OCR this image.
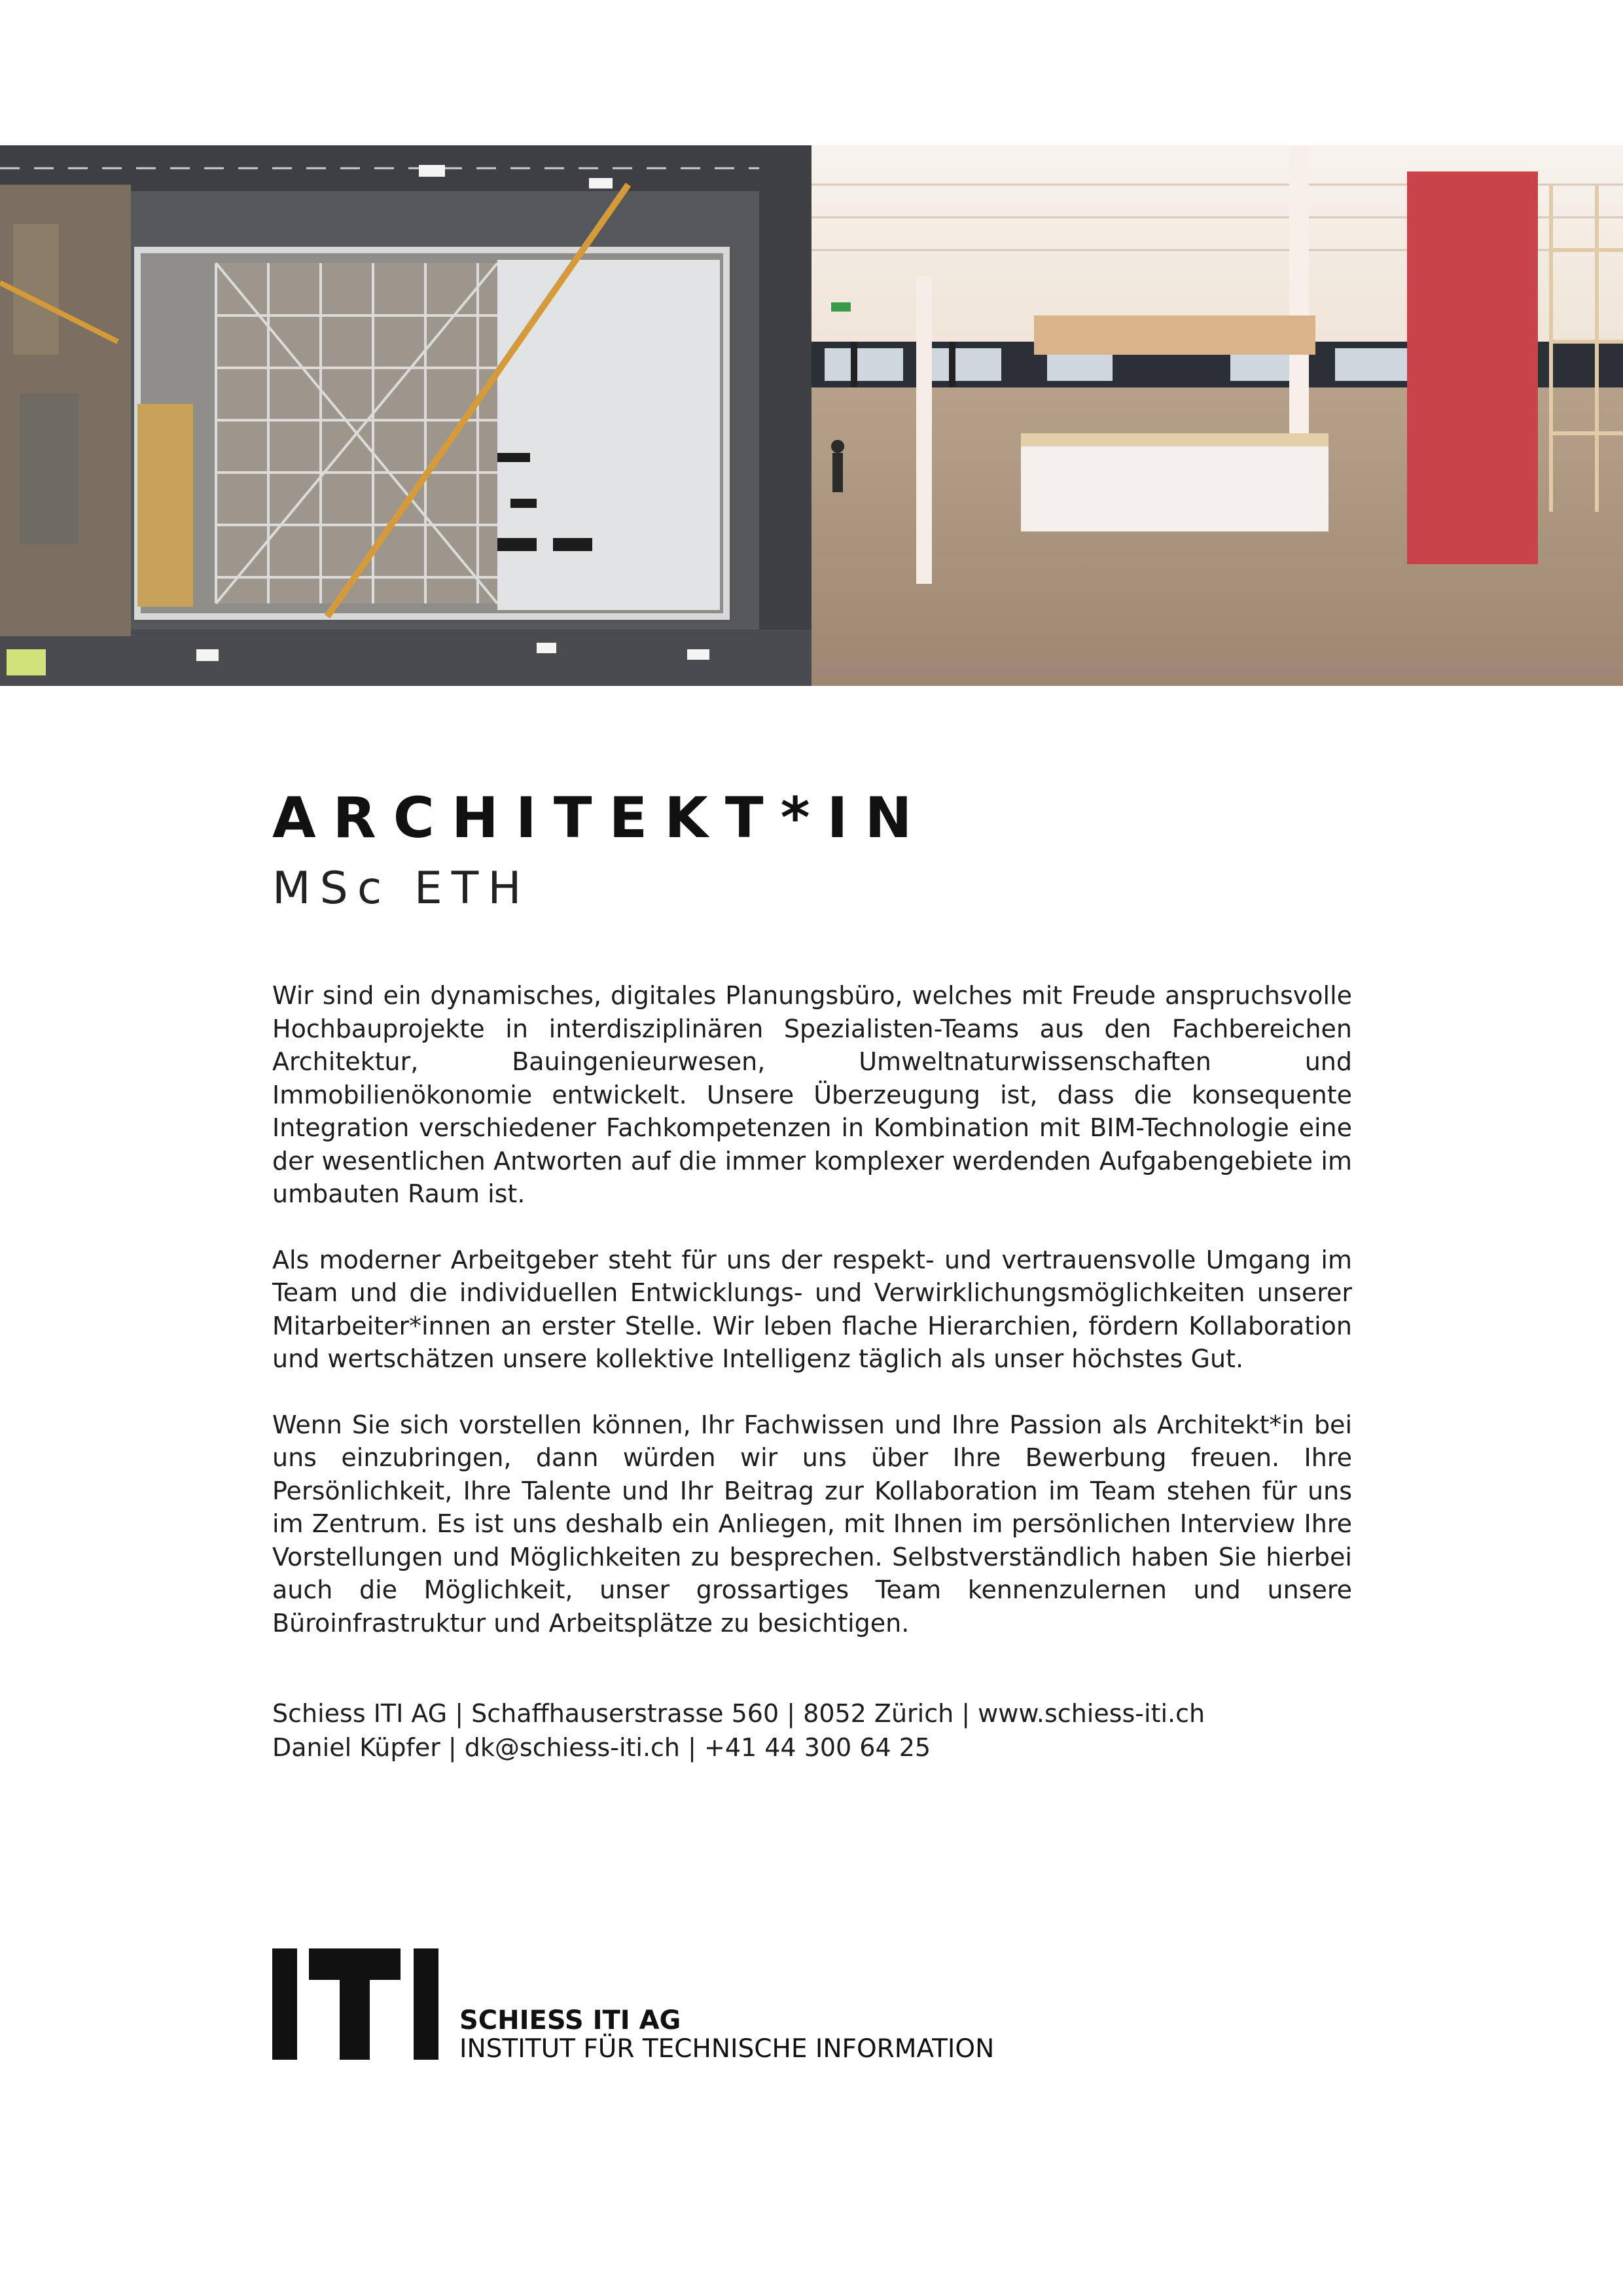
ARCHITEKT*IN
MSc ETH

Wir sind ein dynamisches, digitales Planungsbüro, welches mit Freude anspruchsvolle Hochbauprojekte in interdisziplinären Spezialisten-Teams aus den Fachbereichen Architektur, Bauingenieurwesen, Umweltnaturwissenschaften und Immobilienökonomie entwickelt. Unsere Überzeugung ist, dass die konsequente Integration verschiedener Fachkompetenzen in Kombination mit BIM-Technologie eine der wesentlichen Antworten auf die immer komplexer werdenden Aufgabengebiete im umbauten Raum ist.

Als moderner Arbeitgeber steht für uns der respekt- und vertrauensvolle Umgang im Team und die individuellen Entwicklungs- und Verwirklichungsmöglichkeiten unserer Mitarbeiter*innen an erster Stelle. Wir leben flache Hierarchien, fördern Kollaboration und wertschätzen unsere kollektive Intelligenz täglich als unser höchstes Gut.

Wenn Sie sich vorstellen können, Ihr Fachwissen und Ihre Passion als Architekt*in bei uns einzubringen, dann würden wir uns über Ihre Bewerbung freuen. Ihre Persönlichkeit, Ihre Talente und Ihr Beitrag zur Kollaboration im Team stehen für uns im Zentrum. Es ist uns deshalb ein Anliegen, mit Ihnen im persönlichen Interview Ihre Vorstellungen und Möglichkeiten zu besprechen. Selbstverständlich haben Sie hierbei auch die Möglichkeit, unser grossartiges Team kennenzulernen und unsere Büroinfrastruktur und Arbeitsplätze zu besichtigen.

Schiess ITI AG | Schaffhauserstrasse 560 | 8052 Zürich | www.schiess-iti.ch
Daniel Küpfer | dk@schiess-iti.ch | +41 44 300 64 25
SCHIESS ITI AG
INSTITUT FÜR TECHNISCHE INFORMATION
